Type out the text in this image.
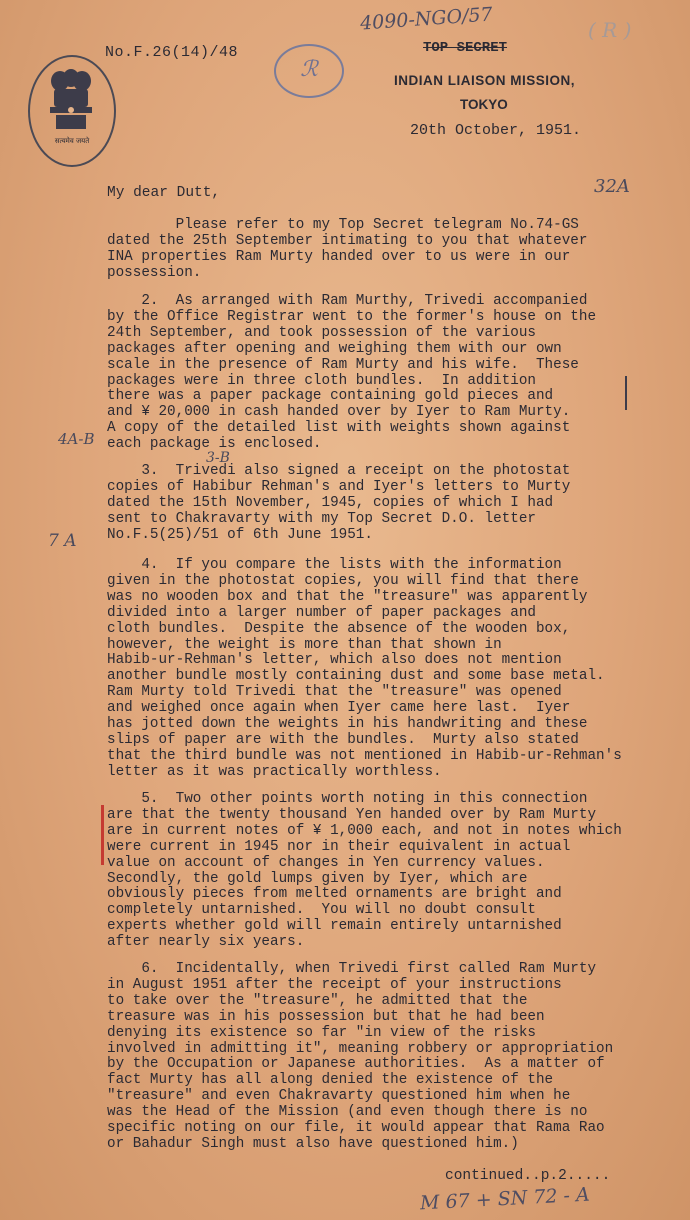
4090-NGO/57	( R )
No.F.26(14)/48
सत्यमेव जयते
ℛ
TOP SECRET
INDIAN LIAISON MISSION,
TOKYO
20th October, 1951.
My dear Dutt,	32A
Please refer to my Top Secret telegram No.74-GS
dated the 25th September intimating to you that whatever
INA properties Ram Murty handed over to us were in our
possession.
2.  As arranged with Ram Murthy, Trivedi accompanied
by the Office Registrar went to the former's house on the
24th September, and took possession of the various
packages after opening and weighing them with our own
scale in the presence of Ram Murty and his wife.  These
packages were in three cloth bundles.  In addition
there was a paper package containing gold pieces and
and ¥ 20,000 in cash handed over by Iyer to Ram Murty.
A copy of the detailed list with weights shown against
each package is enclosed.
4A-B
3-B
3.  Trivedi also signed a receipt on the photostat
copies of Habibur Rehman's and Iyer's letters to Murty
dated the 15th November, 1945, copies of which I had
sent to Chakravarty with my Top Secret D.O. letter
No.F.5(25)/51 of 6th June 1951.
7 A
4.  If you compare the lists with the information
given in the photostat copies, you will find that there
was no wooden box and that the "treasure" was apparently
divided into a larger number of paper packages and
cloth bundles.  Despite the absence of the wooden box,
however, the weight is more than that shown in
Habib-ur-Rehman's letter, which also does not mention
another bundle mostly containing dust and some base metal.
Ram Murty told Trivedi that the "treasure" was opened
and weighed once again when Iyer came here last.  Iyer
has jotted down the weights in his handwriting and these
slips of paper are with the bundles.  Murty also stated
that the third bundle was not mentioned in Habib-ur-Rehman's
letter as it was practically worthless.
5.  Two other points worth noting in this connection
are that the twenty thousand Yen handed over by Ram Murty
are in current notes of ¥ 1,000 each, and not in notes which
were current in 1945 nor in their equivalent in actual
value on account of changes in Yen currency values.
Secondly, the gold lumps given by Iyer, which are
obviously pieces from melted ornaments are bright and
completely untarnished.  You will no doubt consult
experts whether gold will remain entirely untarnished
after nearly six years.
6.  Incidentally, when Trivedi first called Ram Murty
in August 1951 after the receipt of your instructions
to take over the "treasure", he admitted that the
treasure was in his possession but that he had been
denying its existence so far "in view of the risks
involved in admitting it", meaning robbery or appropriation
by the Occupation or Japanese authorities.  As a matter of
fact Murty has all along denied the existence of the
"treasure" and even Chakravarty questioned him when he
was the Head of the Mission (and even though there is no
specific noting on our file, it would appear that Rama Rao
or Bahadur Singh must also have questioned him.)
continued..p.2.....
M 67 + SN 72 - A
